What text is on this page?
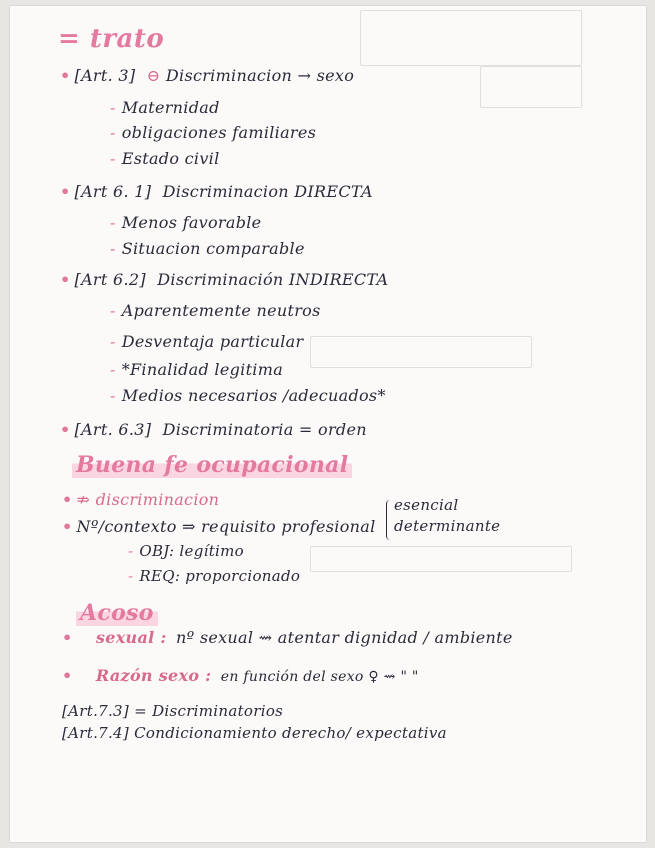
= trato
• [Art. 3] ⊖ Discriminacion → sexo
- Maternidad
- obligaciones familiares
- Estado civil
• [Art 6. 1] Discriminacion DIRECTA
- Menos favorable
- Situacion comparable
• [Art 6.2] Discriminación INDIRECTA
- Aparentemente neutros
- Desventaja particular
- *Finalidad legitima
- Medios necesarios /adecuados*
• [Art. 6.3] Discriminatoria = orden
Buena fe ocupacional
• ⇏ discriminacion
• Nº/contexto ⇒ requisito profesional
esencial
determinante
- OBJ: legítimo
- REQ: proporcionado
Acoso
• sexual : nº sexual ⇝ atentar dignidad / ambiente
• Razón sexo : en función del sexo ♀ ⇝ " "
[Art.7.3] = Discriminatorios
[Art.7.4] Condicionamiento derecho/ expectativa
